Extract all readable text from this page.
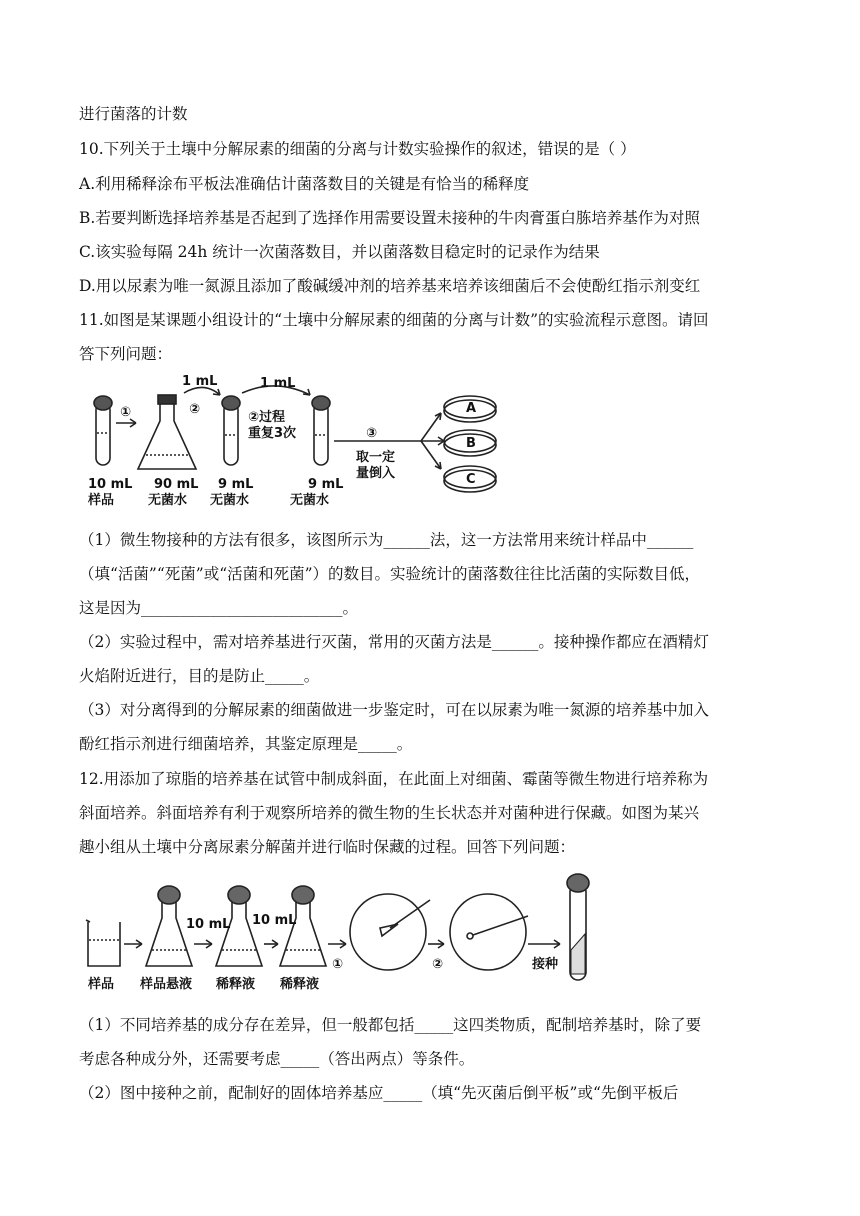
进行菌落的计数
10.下列关于土壤中分解尿素的细菌的分离与计数实验操作的叙述，错误的是（ ）
A.利用稀释涂布平板法准确估计菌落数目的关键是有恰当的稀释度
B.若要判断选择培养基是否起到了选择作用需要设置未接种的牛肉膏蛋白胨培养基作为对照
C.该实验每隔 24h 统计一次菌落数目，并以菌落数目稳定时的记录作为结果
D.用以尿素为唯一氮源且添加了酸碱缓冲剂的培养基来培养该细菌后不会使酚红指示剂变红
11.如图是某课题小组设计的“土壤中分解尿素的细菌的分离与计数”的实验流程示意图。请回
答下列问题：
①
1 mL
②
1 mL
②过程
重复3次	③
取一定
量倒入
A
B
C
10 mL
样品
90 mL
无菌水
9 mL
无菌水
9 mL
无菌水
（1）微生物接种的方法有很多，该图所示为______法，这一方法常用来统计样品中______
（填“活菌”“死菌”或“活菌和死菌”）的数目。实验统计的菌落数往往比活菌的实际数目低，
这是因为__________________________。
（2）实验过程中，需对培养基进行灭菌，常用的灭菌方法是______。接种操作都应在酒精灯
火焰附近进行，目的是防止_____。
（3）对分离得到的分解尿素的细菌做进一步鉴定时，可在以尿素为唯一氮源的培养基中加入
酚红指示剂进行细菌培养，其鉴定原理是_____。
12.用添加了琼脂的培养基在试管中制成斜面，在此面上对细菌、霉菌等微生物进行培养称为
斜面培养。斜面培养有利于观察所培养的微生物的生长状态并对菌种进行保藏。如图为某兴
趣小组从土壤中分离尿素分解菌并进行临时保藏的过程。回答下列问题：
10 mL 10 mL
①	②	接种
样品 样品悬液 稀释液 稀释液
（1）不同培养基的成分存在差异，但一般都包括_____这四类物质，配制培养基时，除了要
考虑各种成分外，还需要考虑_____（答出两点）等条件。
（2）图中接种之前，配制好的固体培养基应_____（填“先灭菌后倒平板”或“先倒平板后
